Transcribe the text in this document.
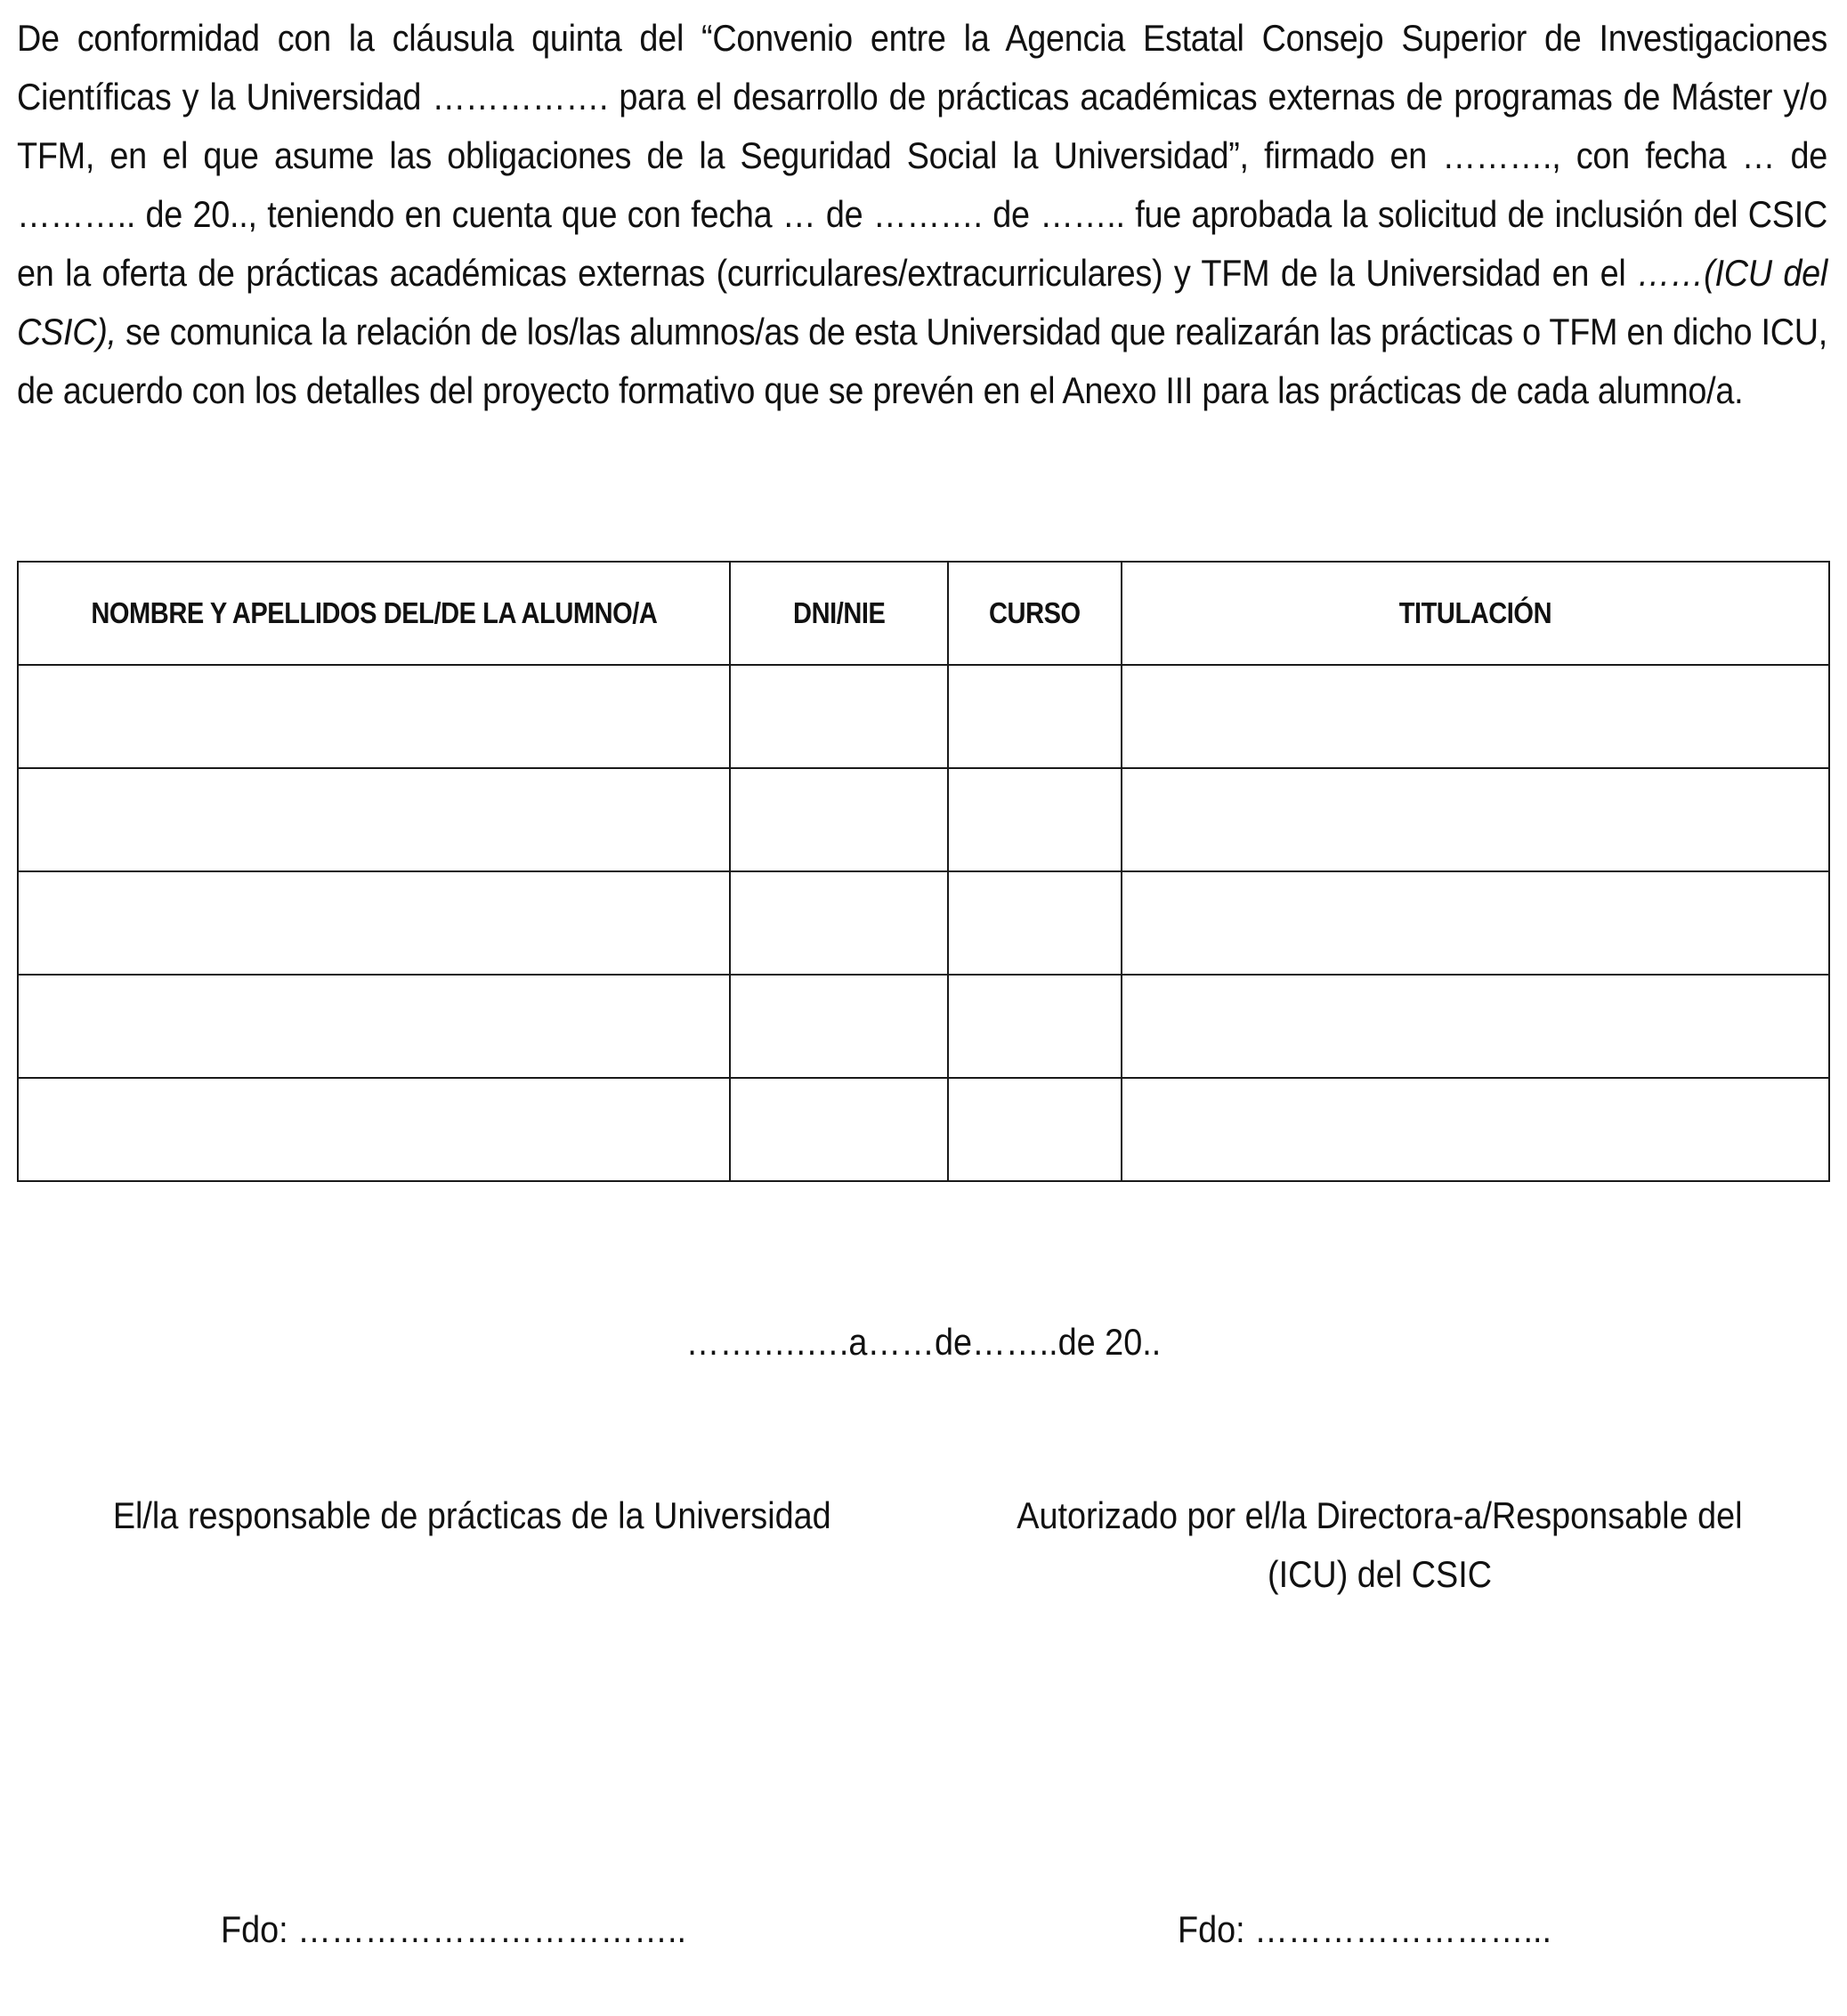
De conformidad con la cláusula quinta del “Convenio entre la Agencia Estatal Consejo Superior de Investigaciones Científicas y la Universidad ……………. para el desarrollo de prácticas académicas externas de programas de Máster y/o TFM, en el que asume las obligaciones de la Seguridad Social la Universidad”, firmado en ………., con fecha … de ……….. de 20.., teniendo en cuenta que con fecha … de ………. de …….. fue aprobada la solicitud de inclusión del CSIC en la oferta de prácticas académicas externas (curriculares/extracurriculares) y TFM de la Universidad en el ……(ICU del CSIC), se comunica la relación de los/las alumnos/as de esta Universidad que realizarán las prácticas o TFM en dicho ICU, de acuerdo con los detalles del proyecto formativo que se prevén en el Anexo III para las prácticas de cada alumno/a.

NOMBRE Y APELLIDOS DEL/DE LA ALUMNO/A	DNI/NIE	CURSO	TITULACIÓN

…….….….a……de……..de 20..
El/la responsable de prácticas de la Universidad	Autorizado por el/la Directora-a/Responsable del
(ICU) del CSIC
Fdo: ……………………………..	Fdo: ……………………...
